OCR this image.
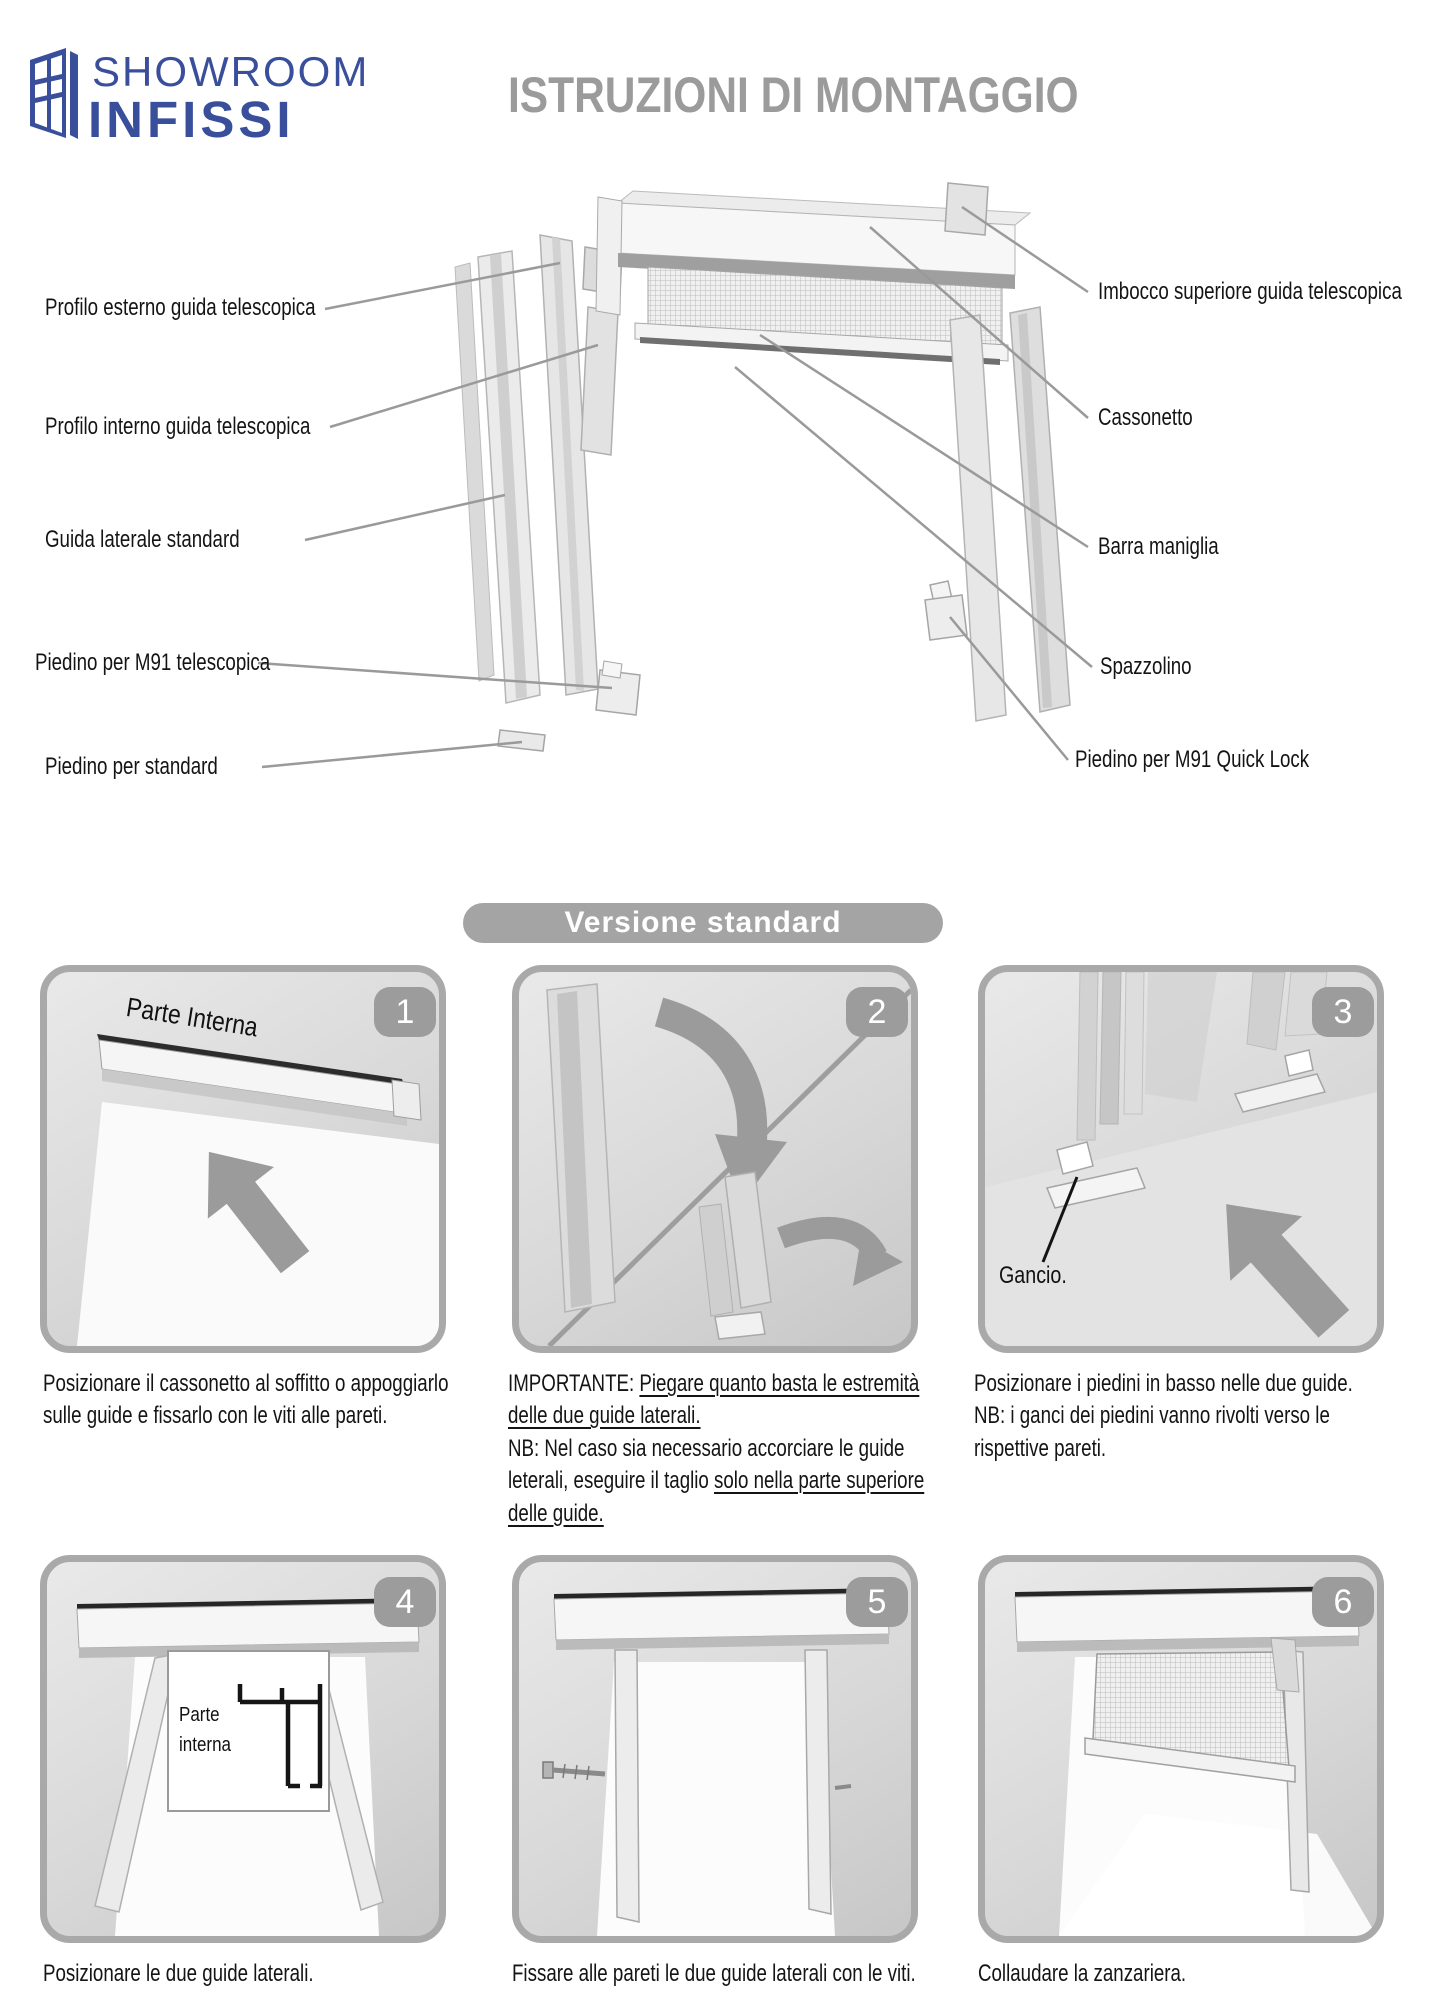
SHOWROOM
INFISSI	ISTRUZIONI DI MONTAGGIO
Profilo esterno guida telescopica
Profilo interno guida telescopica
Guida laterale standard
Piedino per M91 telescopica
Piedino per standard
Imbocco superiore guida telescopica
Cassonetto
Barra maniglia
Spazzolino
Piedino per M91 Quick Lock
Versione standard
Parte Interna	1	2
Gancio.
3
Posizionare il cassonetto al soffitto o appoggiarlo sulle guide e fissarlo con le viti alle pareti.
IMPORTANTE: Piegare quanto basta le estremità delle due guide laterali.
NB: Nel caso sia necessario accorciare le guide leterali, eseguire il taglio solo nella parte superiore delle guide.
Posizionare i piedini in basso nelle due guide.
NB: i ganci dei piedini vanno rivolti verso le rispettive pareti.
Parte interna
4	5	6
Posizionare le due guide laterali.	Fissare alle pareti le due guide laterali con le viti.	Collaudare la zanzariera.
